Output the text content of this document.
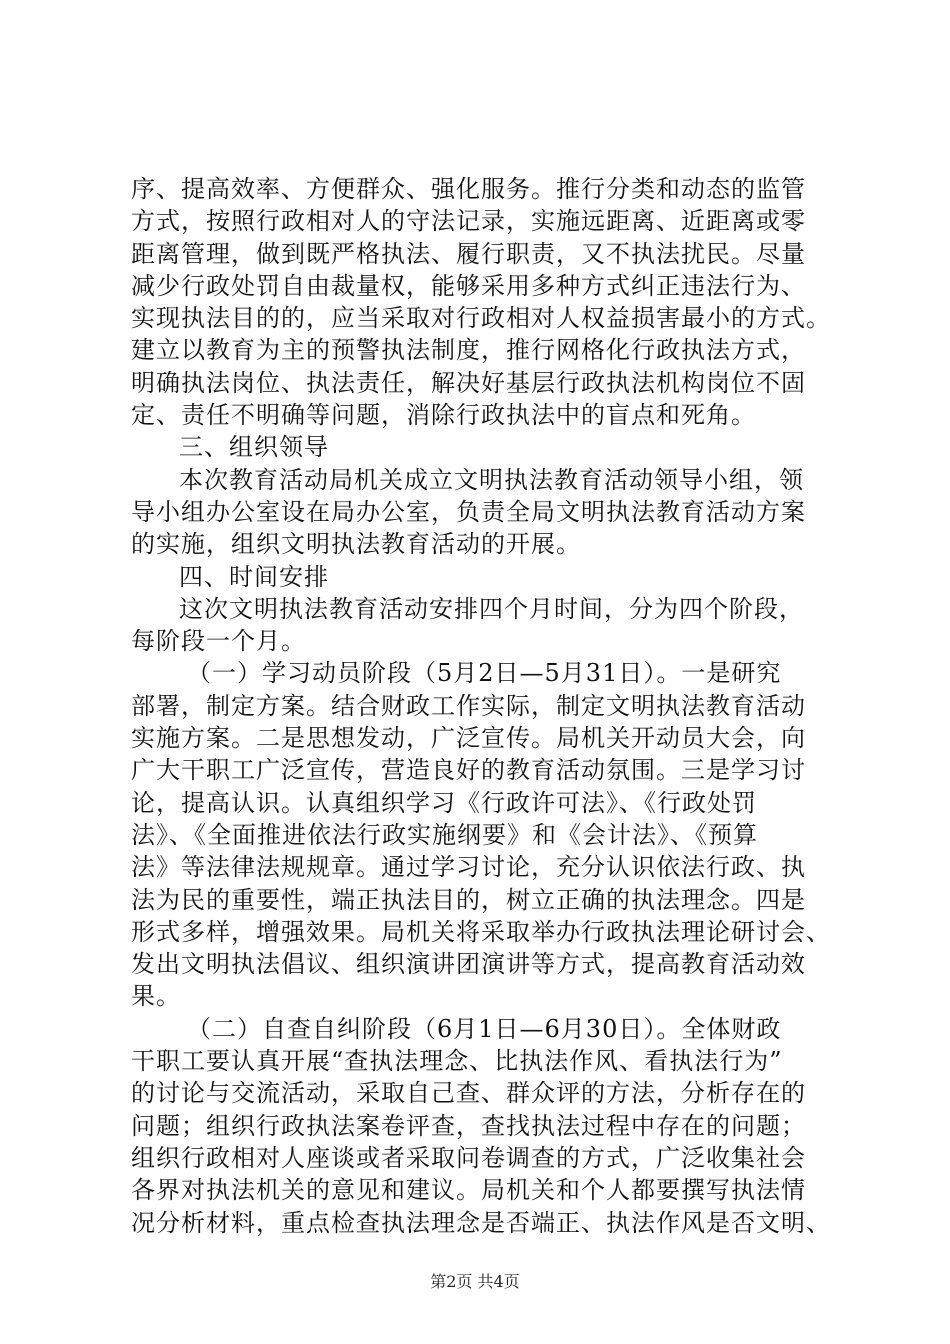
序、提高效率、方便群众、强化服务。推行分类和动态的监管

方式，按照行政相对人的守法记录，实施远距离、近距离或零

距离管理，做到既严格执法、履行职责，又不执法扰民。尽量

减少行政处罚自由裁量权，能够采用多种方式纠正违法行为、

实现执法目的的，应当采取对行政相对人权益损害最小的方式。

建立以教育为主的预警执法制度，推行网格化行政执法方式，

明确执法岗位、执法责任，解决好基层行政执法机构岗位不固

定、责任不明确等问题，消除行政执法中的盲点和死角。

三、组织领导

本次教育活动局机关成立文明执法教育活动领导小组，领

导小组办公室设在局办公室，负责全局文明执法教育活动方案

的实施，组织文明执法教育活动的开展。

四、时间安排

这次文明执法教育活动安排四个月时间，分为四个阶段，

每阶段一个月。

（一）学习动员阶段（5月2日—5月31日）。一是研究

部署，制定方案。结合财政工作实际，制定文明执法教育活动

实施方案。二是思想发动，广泛宣传。局机关开动员大会，向

广大干职工广泛宣传，营造良好的教育活动氛围。三是学习讨

论，提高认识。认真组织学习《行政许可法》、《行政处罚

法》、《全面推进依法行政实施纲要》和《会计法》、《预算

法》等法律法规规章。通过学习讨论，充分认识依法行政、执

法为民的重要性，端正执法目的，树立正确的执法理念。四是

形式多样，增强效果。局机关将采取举办行政执法理论研讨会、

发出文明执法倡议、组织演讲团演讲等方式，提高教育活动效

果。

（二）自查自纠阶段（6月1日—6月30日）。全体财政

干职工要认真开展“查执法理念、比执法作风、看执法行为”

的讨论与交流活动，采取自己查、群众评的方法，分析存在的

问题；组织行政执法案卷评查，查找执法过程中存在的问题；

组织行政相对人座谈或者采取问卷调查的方式，广泛收集社会

各界对执法机关的意见和建议。局机关和个人都要撰写执法情

况分析材料，重点检查执法理念是否端正、执法作风是否文明、

第2页 共4页
